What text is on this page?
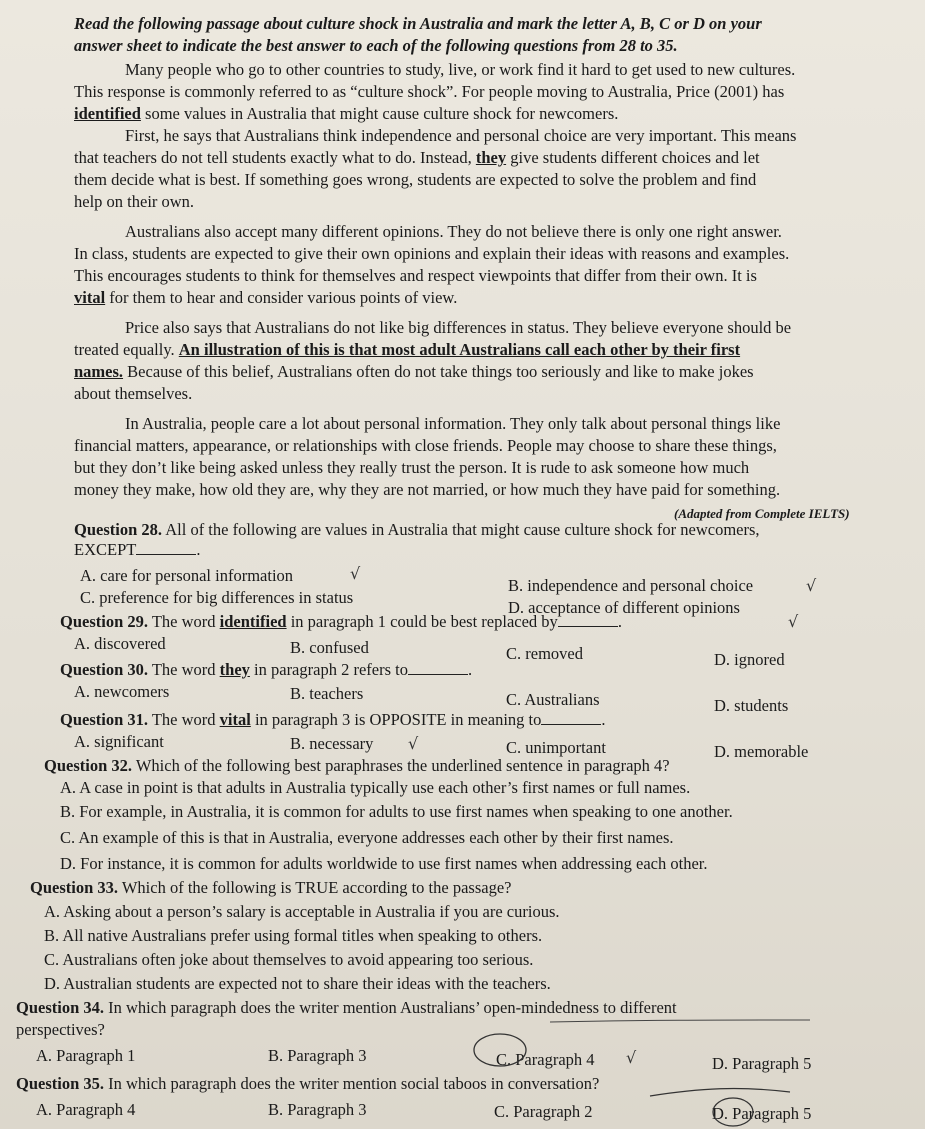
Read the following passage about culture shock in Australia and mark the letter A, B, C or D on your
answer sheet to indicate the best answer to each of the following questions from 28 to 35.
Many people who go to other countries to study, live, or work find it hard to get used to new cultures.
This response is commonly referred to as “culture shock”. For people moving to Australia, Price (2001) has
identified some values in Australia that might cause culture shock for newcomers.
First, he says that Australians think independence and personal choice are very important. This means
that teachers do not tell students exactly what to do. Instead, they give students different choices and let
them decide what is best. If something goes wrong, students are expected to solve the problem and find
help on their own.
Australians also accept many different opinions. They do not believe there is only one right answer.
In class, students are expected to give their own opinions and explain their ideas with reasons and examples.
This encourages students to think for themselves and respect viewpoints that differ from their own. It is
vital for them to hear and consider various points of view.
Price also says that Australians do not like big differences in status. They believe everyone should be
treated equally. An illustration of this is that most adult Australians call each other by their first
names. Because of this belief, Australians often do not take things too seriously and like to make jokes
about themselves.
In Australia, people care a lot about personal information. They only talk about personal things like
financial matters, appearance, or relationships with close friends. People may choose to share these things,
but they don’t like being asked unless they really trust the person. It is rude to ask someone how much
money they make, how old they are, why they are not married, or how much they have paid for something.
(Adapted from Complete IELTS)
Question 28. All of the following are values in Australia that might cause culture shock for newcomers,
EXCEPT	.
A. care for personal information	√
B. independence and personal choice	√
C. preference for big differences in status
D. acceptance of different opinions
Question 29. The word identified in paragraph 1 could be best replaced by	.	√
A. discovered	B. confused	C. removed	D. ignored
Question 30. The word they in paragraph 2 refers to	.
A. newcomers	B. teachers	C. Australians	D. students
Question 31. The word vital in paragraph 3 is OPPOSITE in meaning to	.
A. significant	B. necessary √	C. unimportant	D. memorable
Question 32. Which of the following best paraphrases the underlined sentence in paragraph 4?
A. A case in point is that adults in Australia typically use each other’s first names or full names.
B. For example, in Australia, it is common for adults to use first names when speaking to one another.
C. An example of this is that in Australia, everyone addresses each other by their first names.
D. For instance, it is common for adults worldwide to use first names when addressing each other.
Question 33. Which of the following is TRUE according to the passage?
A. Asking about a person’s salary is acceptable in Australia if you are curious.
B. All native Australians prefer using formal titles when speaking to others.
C. Australians often joke about themselves to avoid appearing too serious.
D. Australian students are expected not to share their ideas with the teachers.
Question 34. In which paragraph does the writer mention Australians’ open-mindedness to different
perspectives?
A. Paragraph 1	B. Paragraph 3	C. Paragraph 4 √	D. Paragraph 5
Question 35. In which paragraph does the writer mention social taboos in conversation?
A. Paragraph 4	B. Paragraph 3	C. Paragraph 2	D. Paragraph 5
